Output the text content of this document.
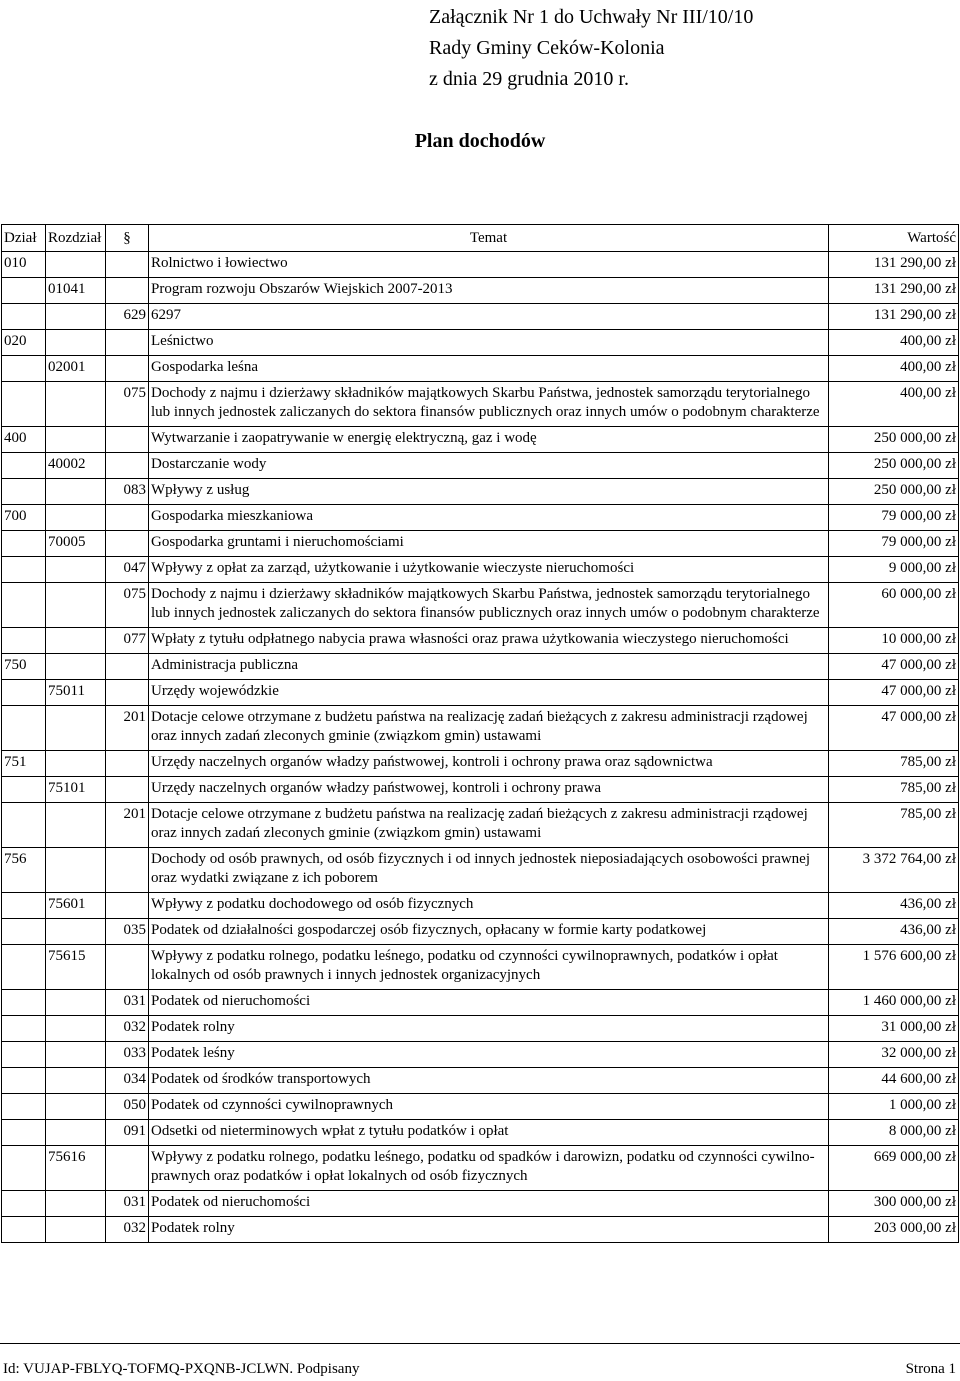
Załącznik Nr 1 do Uchwały Nr III/10/10
Rady Gminy Ceków-Kolonia
z dnia 29 grudnia 2010 r.
Plan dochodów
Dział	Rozdział	§	Temat	Wartość
010			Rolnictwo i łowiectwo	131 290,00 zł
	01041		Program rozwoju Obszarów Wiejskich 2007-2013	131 290,00 zł
		629	6297	131 290,00 zł
020			Leśnictwo	400,00 zł
	02001		Gospodarka leśna	400,00 zł
		075	Dochody z najmu i dzierżawy składników majątkowych Skarbu Państwa, jednostek samorządu terytorialnego lub innych jednostek zaliczanych do sektora finansów publicznych oraz innych umów o podobnym charakterze	400,00 zł
400			Wytwarzanie i zaopatrywanie w energię elektryczną, gaz i wodę	250 000,00 zł
	40002		Dostarczanie wody	250 000,00 zł
		083	Wpływy z usług	250 000,00 zł
700			Gospodarka mieszkaniowa	79 000,00 zł
	70005		Gospodarka gruntami i nieruchomościami	79 000,00 zł
		047	Wpływy z opłat za zarząd, użytkowanie i użytkowanie wieczyste nieruchomości	9 000,00 zł
		075	Dochody z najmu i dzierżawy składników majątkowych Skarbu Państwa, jednostek samorządu terytorialnego lub innych jednostek zaliczanych do sektora finansów publicznych oraz innych umów o podobnym charakterze	60 000,00 zł
		077	Wpłaty z tytułu odpłatnego nabycia prawa własności oraz prawa użytkowania wieczystego nieruchomości	10 000,00 zł
750			Administracja publiczna	47 000,00 zł
	75011		Urzędy wojewódzkie	47 000,00 zł
		201	Dotacje celowe otrzymane z budżetu państwa na realizację zadań bieżących z zakresu administracji rządowej oraz innych zadań zleconych gminie (związkom gmin) ustawami	47 000,00 zł
751			Urzędy naczelnych organów władzy państwowej, kontroli i ochrony prawa oraz sądownictwa	785,00 zł
	75101		Urzędy naczelnych organów władzy państwowej, kontroli i ochrony prawa	785,00 zł
		201	Dotacje celowe otrzymane z budżetu państwa na realizację zadań bieżących z zakresu administracji rządowej oraz innych zadań zleconych gminie (związkom gmin) ustawami	785,00 zł
756			Dochody od osób prawnych, od osób fizycznych i od innych jednostek nieposiadających osobowości prawnej oraz wydatki związane z ich poborem	3 372 764,00 zł
	75601		Wpływy z podatku dochodowego od osób fizycznych	436,00 zł
		035	Podatek od działalności gospodarczej osób fizycznych, opłacany w formie karty podatkowej	436,00 zł
	75615		Wpływy z podatku rolnego, podatku leśnego, podatku od czynności cywilnoprawnych, podatków i opłat lokalnych od osób prawnych i innych jednostek organizacyjnych	1 576 600,00 zł
		031	Podatek od nieruchomości	1 460 000,00 zł
		032	Podatek rolny	31 000,00 zł
		033	Podatek leśny	32 000,00 zł
		034	Podatek od środków transportowych	44 600,00 zł
		050	Podatek od czynności cywilnoprawnych	1 000,00 zł
		091	Odsetki od nieterminowych wpłat z tytułu podatków i opłat	8 000,00 zł
	75616		Wpływy z podatku rolnego, podatku leśnego, podatku od spadków i darowizn, podatku od czynności cywilno-prawnych oraz podatków i opłat lokalnych od osób fizycznych	669 000,00 zł
		031	Podatek od nieruchomości	300 000,00 zł
		032	Podatek rolny	203 000,00 zł
Id: VUJAP-FBLYQ-TOFMQ-PXQNB-JCLWN. Podpisany	Strona 1
